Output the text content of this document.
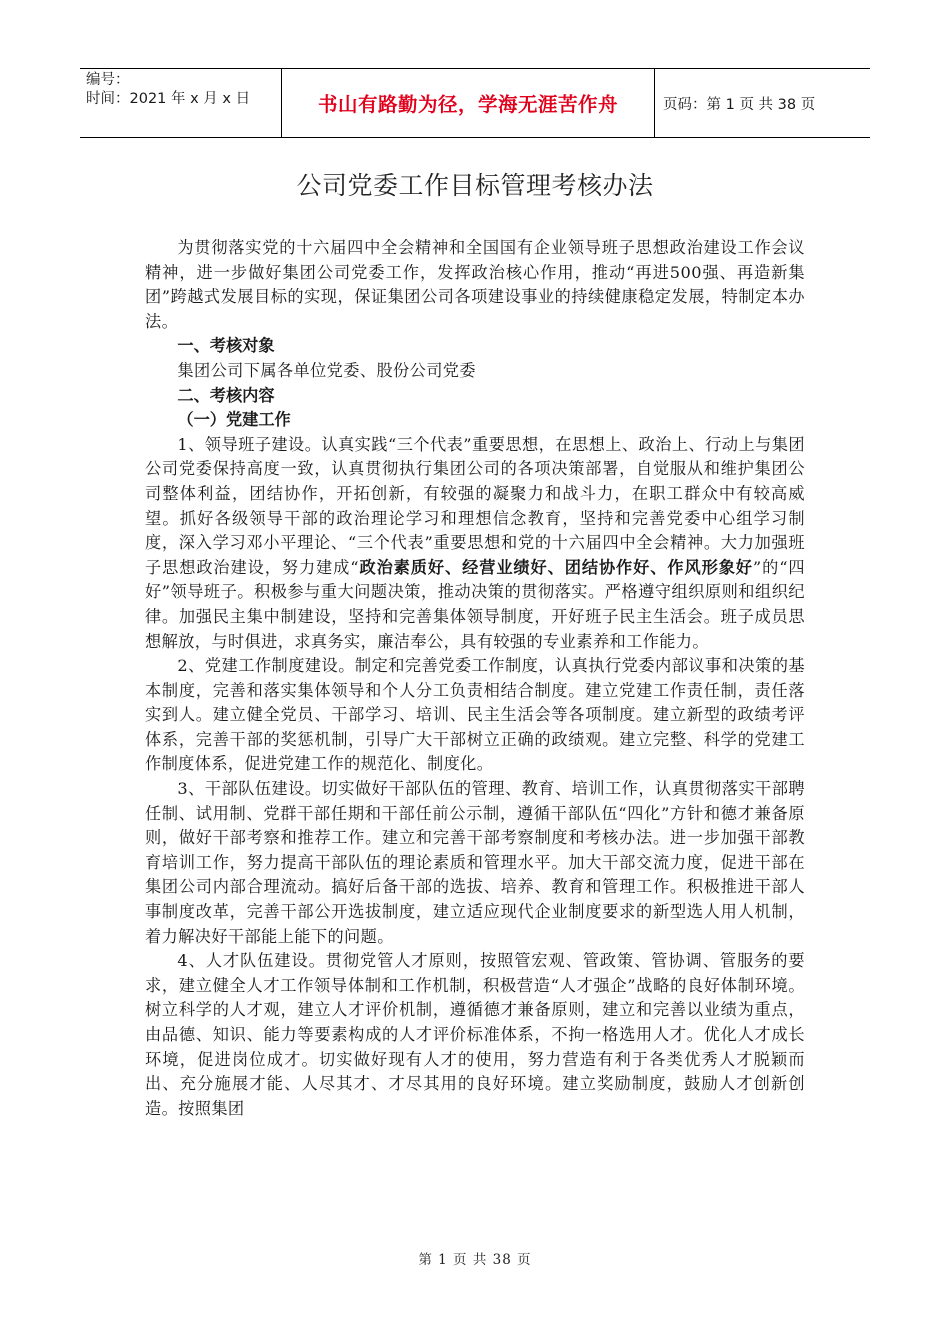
编号：
时间：2021 年 x 月 x 日	书山有路勤为径，学海无涯苦作舟	页码：第 1 页 共 38 页
公司党委工作目标管理考核办法

为贯彻落实党的十六届四中全会精神和全国国有企业领导班子思想政治建设工作会议精神，进一步做好集团公司党委工作，发挥政治核心作用，推动“再进500强、再造新集团”跨越式发展目标的实现，保证集团公司各项建设事业的持续健康稳定发展，特制定本办法。

一、考核对象

集团公司下属各单位党委、股份公司党委

二、考核内容

（一）党建工作

1、领导班子建设。认真实践“三个代表”重要思想，在思想上、政治上、行动上与集团公司党委保持高度一致，认真贯彻执行集团公司的各项决策部署，自觉服从和维护集团公司整体利益，团结协作，开拓创新，有较强的凝聚力和战斗力，在职工群众中有较高威望。抓好各级领导干部的政治理论学习和理想信念教育，坚持和完善党委中心组学习制度，深入学习邓小平理论、“三个代表”重要思想和党的十六届四中全会精神。大力加强班子思想政治建设，努力建成“政治素质好、经营业绩好、团结协作好、作风形象好”的“四好”领导班子。积极参与重大问题决策，推动决策的贯彻落实。严格遵守组织原则和组织纪律。加强民主集中制建设，坚持和完善集体领导制度，开好班子民主生活会。班子成员思想解放，与时俱进，求真务实，廉洁奉公，具有较强的专业素养和工作能力。

2、党建工作制度建设。制定和完善党委工作制度，认真执行党委内部议事和决策的基本制度，完善和落实集体领导和个人分工负责相结合制度。建立党建工作责任制，责任落实到人。建立健全党员、干部学习、培训、民主生活会等各项制度。建立新型的政绩考评体系，完善干部的奖惩机制，引导广大干部树立正确的政绩观。建立完整、科学的党建工作制度体系，促进党建工作的规范化、制度化。

3、干部队伍建设。切实做好干部队伍的管理、教育、培训工作，认真贯彻落实干部聘任制、试用制、党群干部任期和干部任前公示制，遵循干部队伍“四化”方针和德才兼备原则，做好干部考察和推荐工作。建立和完善干部考察制度和考核办法。进一步加强干部教育培训工作，努力提高干部队伍的理论素质和管理水平。加大干部交流力度，促进干部在集团公司内部合理流动。搞好后备干部的选拔、培养、教育和管理工作。积极推进干部人事制度改革，完善干部公开选拔制度，建立适应现代企业制度要求的新型选人用人机制，着力解决好干部能上能下的问题。

4、人才队伍建设。贯彻党管人才原则，按照管宏观、管政策、管协调、管服务的要求，建立健全人才工作领导体制和工作机制，积极营造“人才强企”战略的良好体制环境。树立科学的人才观，建立人才评价机制，遵循德才兼备原则，建立和完善以业绩为重点，由品德、知识、能力等要素构成的人才评价标准体系，不拘一格选用人才。优化人才成长环境，促进岗位成才。切实做好现有人才的使用，努力营造有利于各类优秀人才脱颖而出、充分施展才能、人尽其才、才尽其用的良好环境。建立奖励制度，鼓励人才创新创造。按照集团

第 1 页 共 38 页
